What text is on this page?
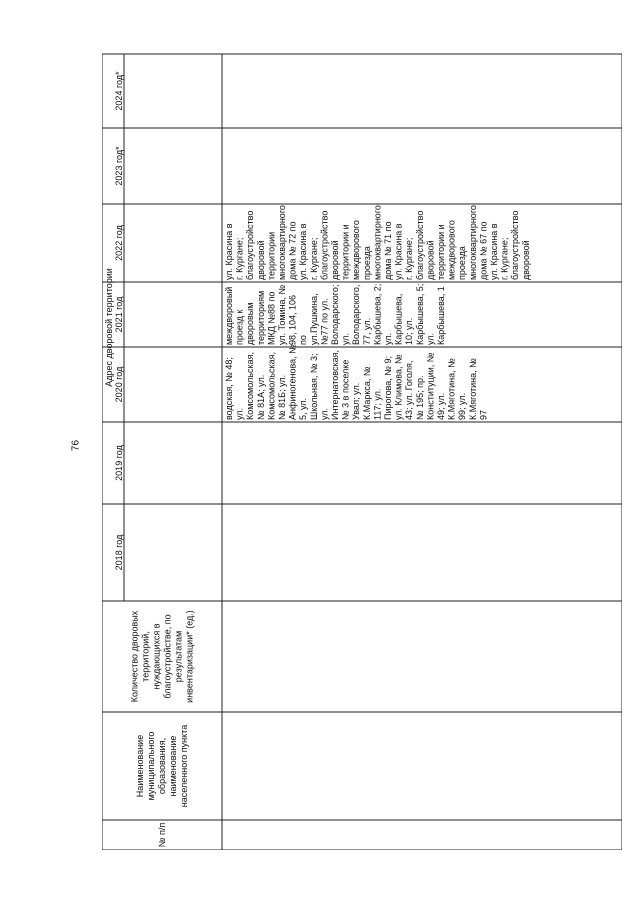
76
Адрес дворовой территории
2018 год
2019 год
2020 год
2021 год
2022 год
2023 год*
2024 год*
№ п/п
Наименованиемуниципальногообразования,наименованиенаселенного пункта
Количество дворовыхтерриторий,нуждающихся вблагоустройстве, порезультатаминвентаризации* (ед.)
водская, № 48;ул.Комсомольская,№ 81А; ул.Комсомольская,№ 81Б; ул.Анфиногенова, №5, ул.Школьная, № 3;ул.Интернатовская,№ 3 в поселкеУвал; ул.К.Маркса, №117; ул.Пирогова, № 9;ул. Климова, №43; ул. Гоголя,№ 195; пр.Конституции, №49; ул.К.Мяготина, №99; ул.К.Мяготина, №97
междворовыйпроезд кдворовымтерриториямМКД №88 поул. Томина, №98, 104, 106поул.Пушкина,№77 по ул.Володарского;ул.Володарского,77, ул.Карбышева, 2;ул.Карбышева,10; ул.Карбышева, 5;ул.Карбышева, 1
ул. Красина вг. Кургане;благоустройстводворовойтерриториимногоквартирногодома № 72 поул. Красина вг. Кургане;благоустройстводворовойтерритории имеждворовогопроездамногоквартирногодома № 71 поул. Красина вг. Кургане;благоустройстводворовойтерритории имеждворовогопроездамногоквартирногодома № 67 поул. Красина вг. Кургане;благоустройстводворовой
